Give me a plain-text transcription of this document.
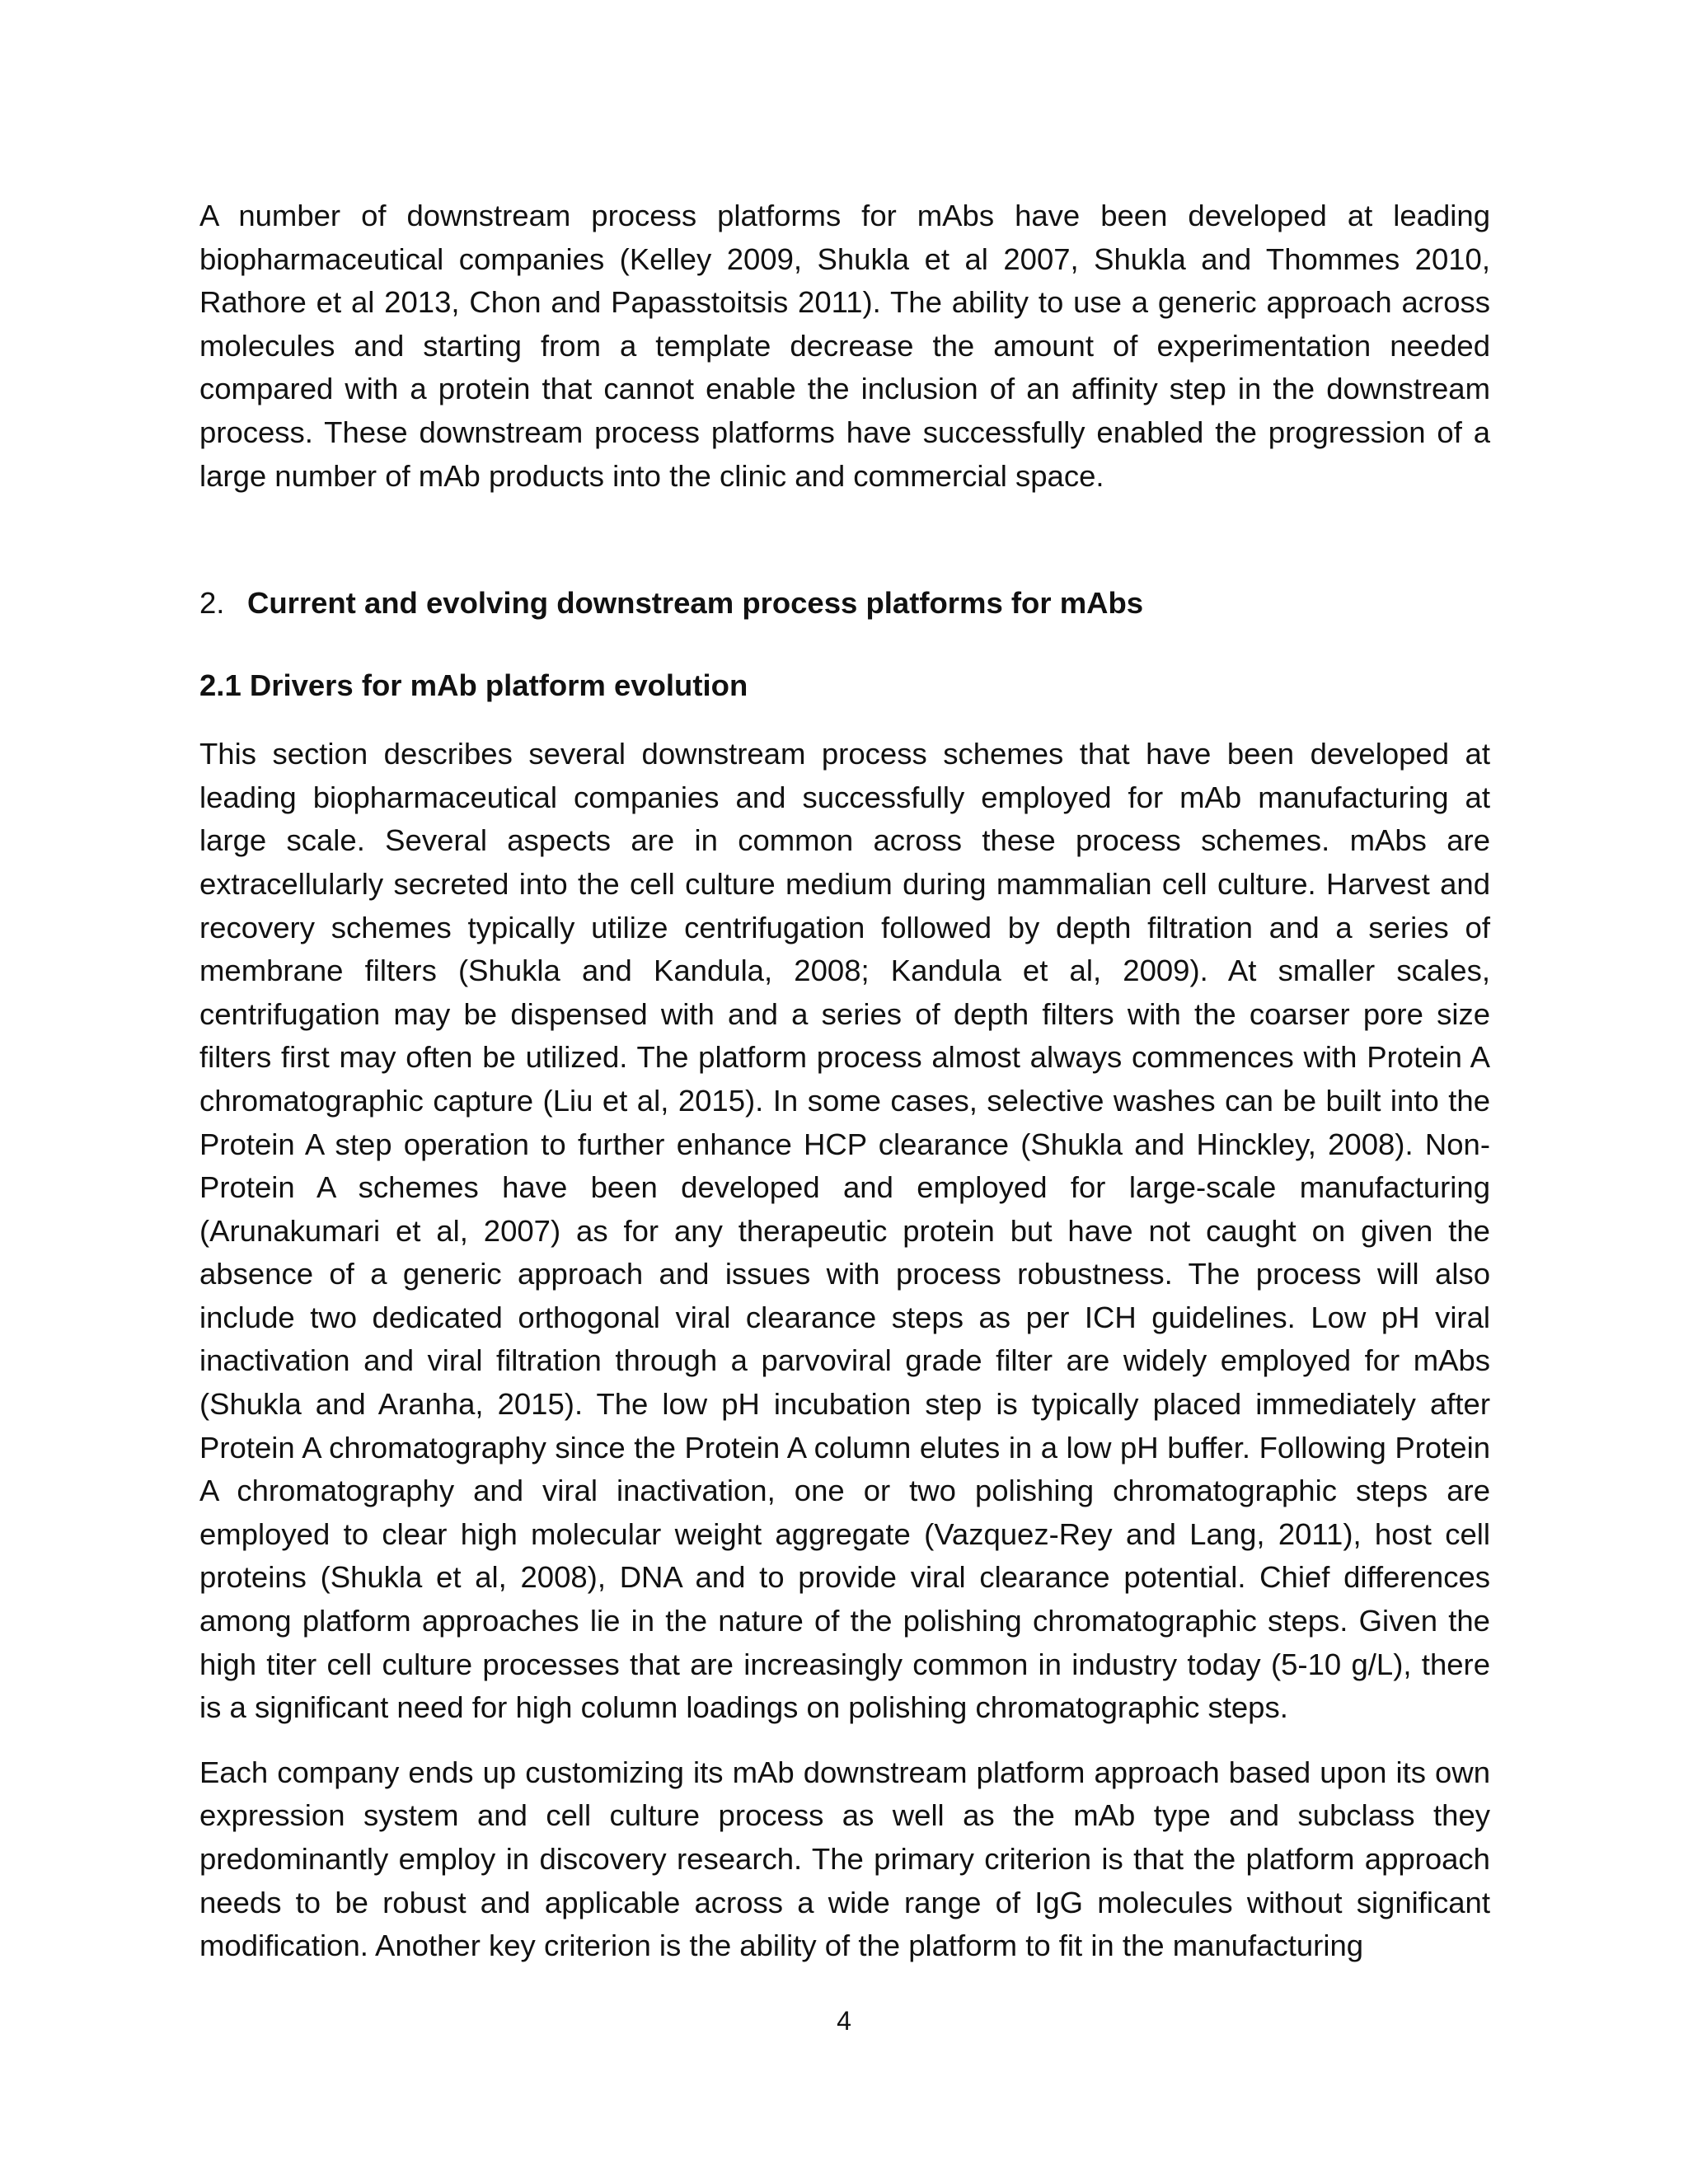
A number of downstream process platforms for mAbs have been developed at leading biopharmaceutical companies (Kelley 2009, Shukla et al 2007, Shukla and Thommes 2010, Rathore et al 2013, Chon and Papasstoitsis 2011). The ability to use a generic approach across molecules and starting from a template decrease the amount of experimentation needed compared with a protein that cannot enable the inclusion of an affinity step in the downstream process. These downstream process platforms have successfully enabled the progression of a large number of mAb products into the clinic and commercial space.

2. Current and evolving downstream process platforms for mAbs
2.1 Drivers for mAb platform evolution

This section describes several downstream process schemes that have been developed at leading biopharmaceutical companies and successfully employed for mAb manufacturing at large scale. Several aspects are in common across these process schemes. mAbs are extracellularly secreted into the cell culture medium during mammalian cell culture. Harvest and recovery schemes typically utilize centrifugation followed by depth filtration and a series of membrane filters (Shukla and Kandula, 2008; Kandula et al, 2009). At smaller scales, centrifugation may be dispensed with and a series of depth filters with the coarser pore size filters first may often be utilized. The platform process almost always commences with Protein A chromatographic capture (Liu et al, 2015). In some cases, selective washes can be built into the Protein A step operation to further enhance HCP clearance (Shukla and Hinckley, 2008). Non-Protein A schemes have been developed and employed for large-scale manufacturing (Arunakumari et al, 2007) as for any therapeutic protein but have not caught on given the absence of a generic approach and issues with process robustness. The process will also include two dedicated orthogonal viral clearance steps as per ICH guidelines. Low pH viral inactivation and viral filtration through a parvoviral grade filter are widely employed for mAbs (Shukla and Aranha, 2015). The low pH incubation step is typically placed immediately after Protein A chromatography since the Protein A column elutes in a low pH buffer. Following Protein A chromatography and viral inactivation, one or two polishing chromatographic steps are employed to clear high molecular weight aggregate (Vazquez-Rey and Lang, 2011), host cell proteins (Shukla et al, 2008), DNA and to provide viral clearance potential. Chief differences among platform approaches lie in the nature of the polishing chromatographic steps. Given the high titer cell culture processes that are increasingly common in industry today (5-10 g/L), there is a significant need for high column loadings on polishing chromatographic steps.

Each company ends up customizing its mAb downstream platform approach based upon its own expression system and cell culture process as well as the mAb type and subclass they predominantly employ in discovery research. The primary criterion is that the platform approach needs to be robust and applicable across a wide range of IgG molecules without significant modification. Another key criterion is the ability of the platform to fit in the manufacturing

4
